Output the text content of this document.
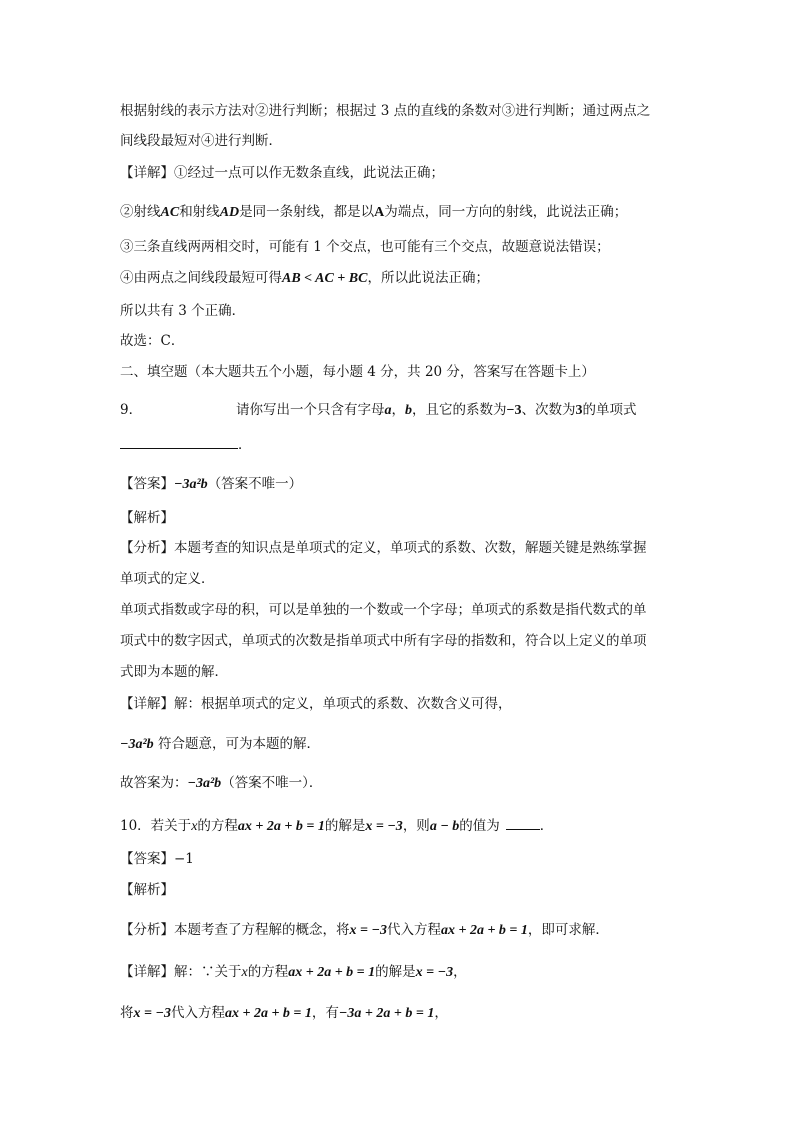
根据射线的表示方法对②进行判断；根据过 3 点的直线的条数对③进行判断；通过两点之
间线段最短对④进行判断．
【详解】①经过一点可以作无数条直线，此说法正确；
②射线AC和射线AD是同一条射线，都是以A为端点，同一方向的射线，此说法正确；
③三条直线两两相交时，可能有 1 个交点，也可能有三个交点，故题意说法错误；
④由两点之间线段最短可得AB < AC + BC，所以此说法正确；
所以共有 3 个正确．
故选：C．
二、填空题（本大题共五个小题，每小题 4 分，共 20 分，答案写在答题卡上）
9．	请你写出一个只含有字母a，b，且它的系数为−3、次数为3的单项式
．
【答案】−3a²b（答案不唯一）
【解析】
【分析】本题考查的知识点是单项式的定义，单项式的系数、次数，解题关键是熟练掌握
单项式的定义．
单项式指数或字母的积，可以是单独的一个数或一个字母；单项式的系数是指代数式的单
项式中的数字因式，单项式的次数是指单项式中所有字母的指数和，符合以上定义的单项
式即为本题的解．
【详解】解：根据单项式的定义，单项式的系数、次数含义可得，
−3a²b 符合题意，可为本题的解．
故答案为：−3a²b（答案不唯一）．
10．若关于x的方程ax + 2a + b = 1的解是x = −3，则a − b的值为	．
【答案】−1
【解析】
【分析】本题考查了方程解的概念，将x = −3代入方程ax + 2a + b = 1，即可求解．
【详解】解：∵关于x的方程ax + 2a + b = 1的解是x = −3，
将x = −3代入方程ax + 2a + b = 1，有−3a + 2a + b = 1，
